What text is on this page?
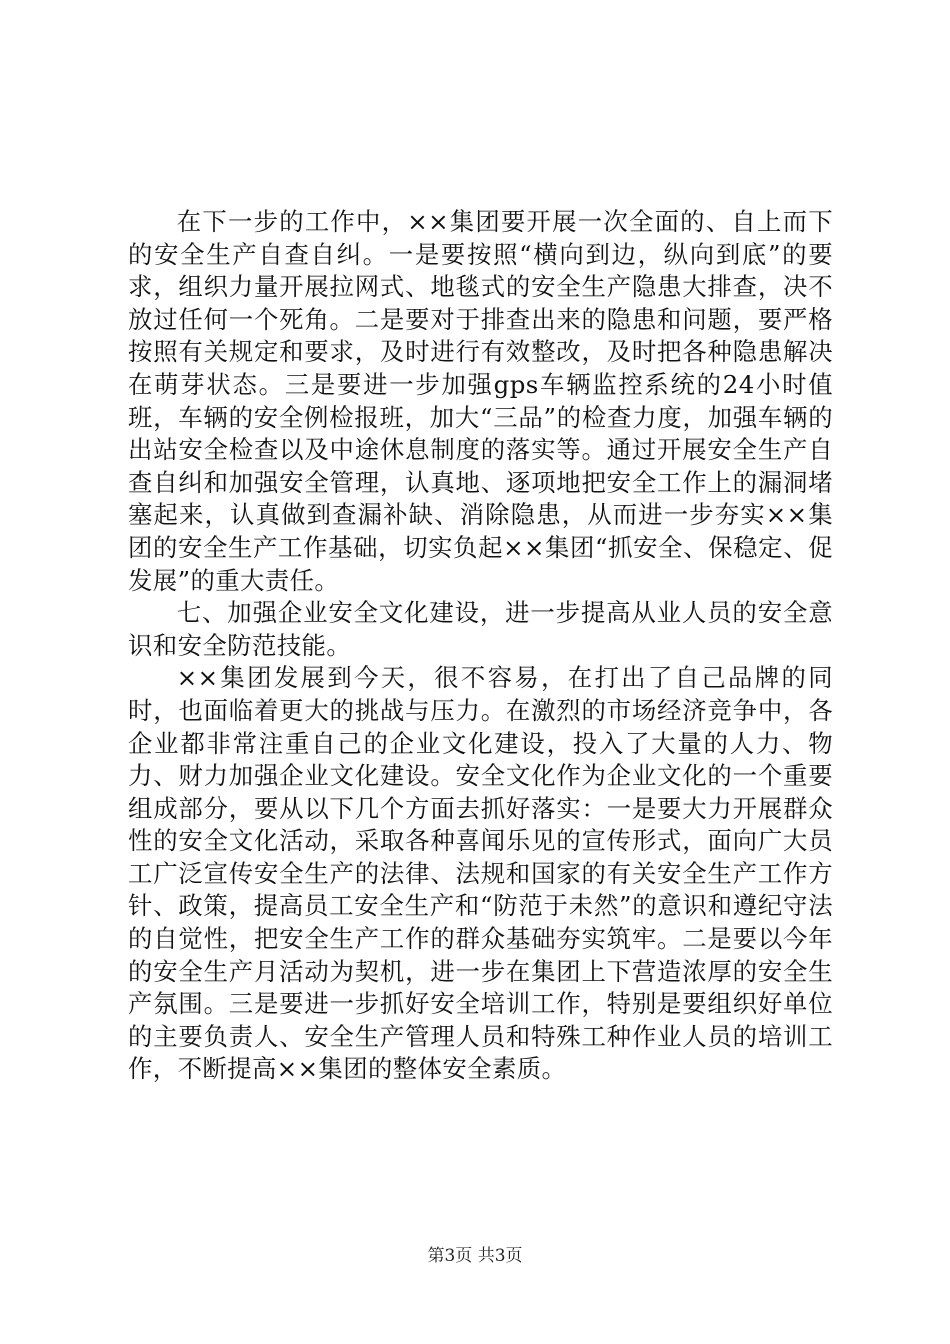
在下一步的工作中，××集团要开展一次全面的、自上而下的安全生产自查自纠。一是要按照“横向到边，纵向到底”的要求，组织力量开展拉网式、地毯式的安全生产隐患大排查，决不放过任何一个死角。二是要对于排查出来的隐患和问题，要严格按照有关规定和要求，及时进行有效整改，及时把各种隐患解决在萌芽状态。三是要进一步加强gps车辆监控系统的24小时值班，车辆的安全例检报班，加大“三品”的检查力度，加强车辆的出站安全检查以及中途休息制度的落实等。通过开展安全生产自查自纠和加强安全管理，认真地、逐项地把安全工作上的漏洞堵塞起来，认真做到查漏补缺、消除隐患，从而进一步夯实××集团的安全生产工作基础，切实负起××集团“抓安全、保稳定、促发展”的重大责任。

七、加强企业安全文化建设，进一步提高从业人员的安全意识和安全防范技能。

××集团发展到今天，很不容易，在打出了自己品牌的同时，也面临着更大的挑战与压力。在激烈的市场经济竞争中，各企业都非常注重自己的企业文化建设，投入了大量的人力、物力、财力加强企业文化建设。安全文化作为企业文化的一个重要组成部分，要从以下几个方面去抓好落实：一是要大力开展群众性的安全文化活动，采取各种喜闻乐见的宣传形式，面向广大员工广泛宣传安全生产的法律、法规和国家的有关安全生产工作方针、政策，提高员工安全生产和“防范于未然”的意识和遵纪守法的自觉性，把安全生产工作的群众基础夯实筑牢。二是要以今年的安全生产月活动为契机，进一步在集团上下营造浓厚的安全生产氛围。三是要进一步抓好安全培训工作，特别是要组织好单位的主要负责人、安全生产管理人员和特殊工种作业人员的培训工作，不断提高××集团的整体安全素质。

第3页 共3页
